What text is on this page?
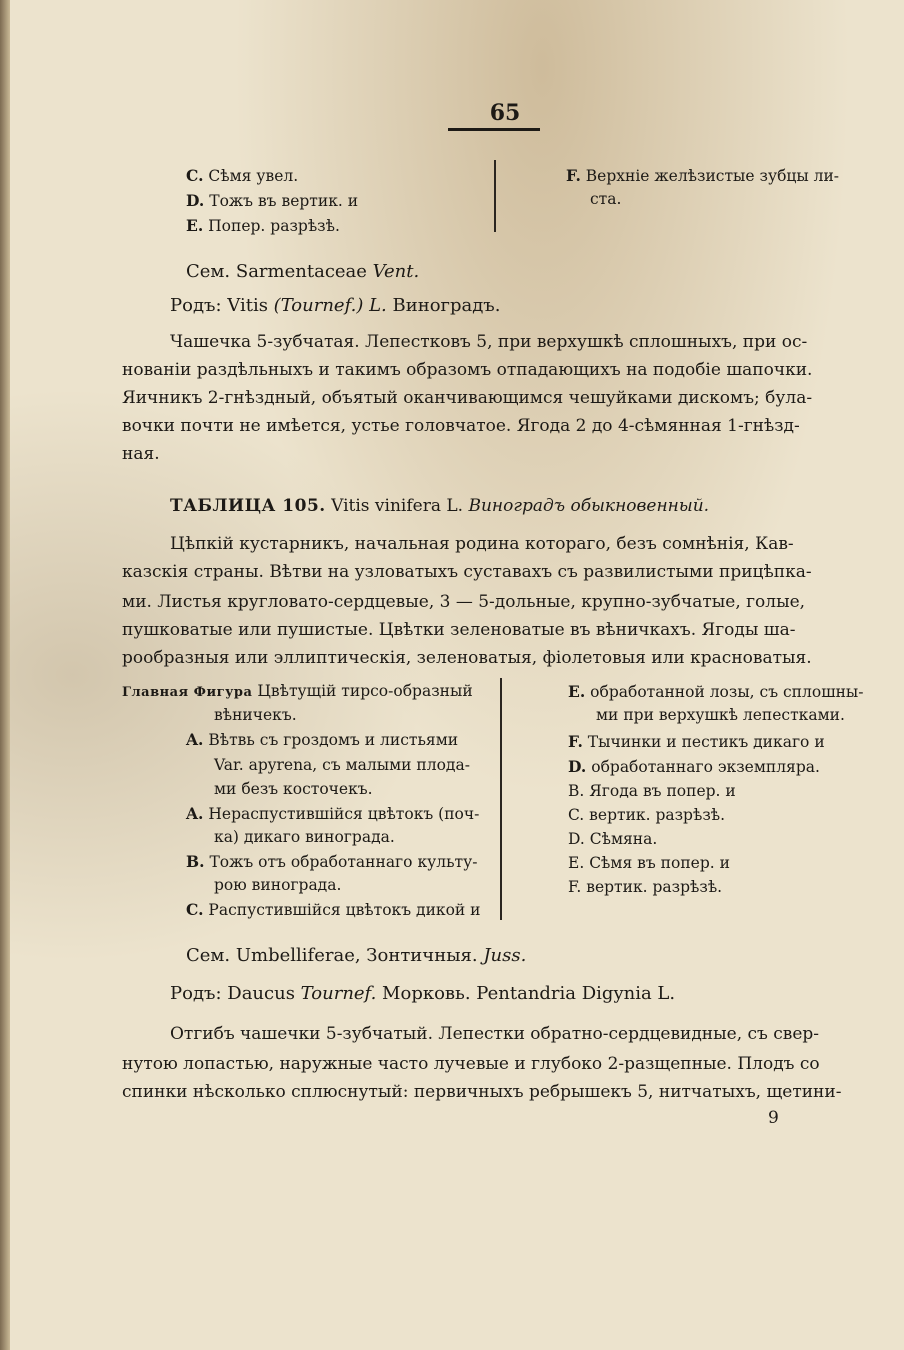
65
C. Сѣмя увел.
D. Тожъ въ вертик. и
E. Попер. разрѣзѣ.
F. Верхніе желѣзистые зубцы ли-
ста.
Сем. Sarmentaceae Vent.
Родъ: Vitis (Tournef.) L. Виноградъ.
Чашечка 5-зубчатая. Лепестковъ 5, при верхушкѣ сплошныхъ, при ос-
нованіи раздѣльныхъ и такимъ образомъ отпадающихъ на подобіе шапочки.
Яичникъ 2-гнѣздный, объятый оканчивающимся чешуйками дискомъ; була-
вочки почти не имѣется, устье головчатое. Ягода 2 до 4-сѣмянная 1-гнѣзд-
ная.
ТАБЛИЦА 105. Vitis vinifera L. Виноградъ обыкновенный.
Цѣпкій кустарникъ, начальная родина котораго, безъ сомнѣнія, Кав-
казскія страны. Вѣтви на узловатыхъ суставахъ съ развилистыми прицѣпка-
ми. Листья кругловато-сердцевые, 3 — 5-дольные, крупно-зубчатые, голые,
пушковатые или пушистые. Цвѣтки зеленоватые въ вѣничкахъ. Ягоды ша-
рообразныя или эллиптическія, зеленоватыя, фіолетовыя или красноватыя.
Главная Фигура Цвѣтущій тирсо-образный
вѣничекъ.
A. Вѣтвь съ гроздомъ и листьями
Var. apyrena, съ малыми плода-
ми безъ косточекъ.
A. Нераспустившійся цвѣтокъ (поч-
ка) дикаго винограда.
B. Тожъ отъ обработаннаго культу-
рою винограда.
C. Распустившійся цвѣтокъ дикой и
E. обработанной лозы, съ сплошны-
ми при верхушкѣ лепестками.
F. Тычинки и пестикъ дикаго и
D. обработаннаго экземпляра.
B. Ягода въ попер. и
C. вертик. разрѣзѣ.
D. Сѣмяна.
E. Сѣмя въ попер. и
F. вертик. разрѣзѣ.
Сем. Umbelliferae, Зонтичныя. Juss.
Родъ: Daucus Tournef. Морковь. Pentandria Digynia L.
Отгибъ чашечки 5-зубчатый. Лепестки обратно-сердцевидные, съ свер-
нутою лопастью, наружные часто лучевые и глубоко 2-разщепные. Плодъ со
спинки нѣсколько сплюснутый: первичныхъ ребрышекъ 5, нитчатыхъ, щетини-
9
